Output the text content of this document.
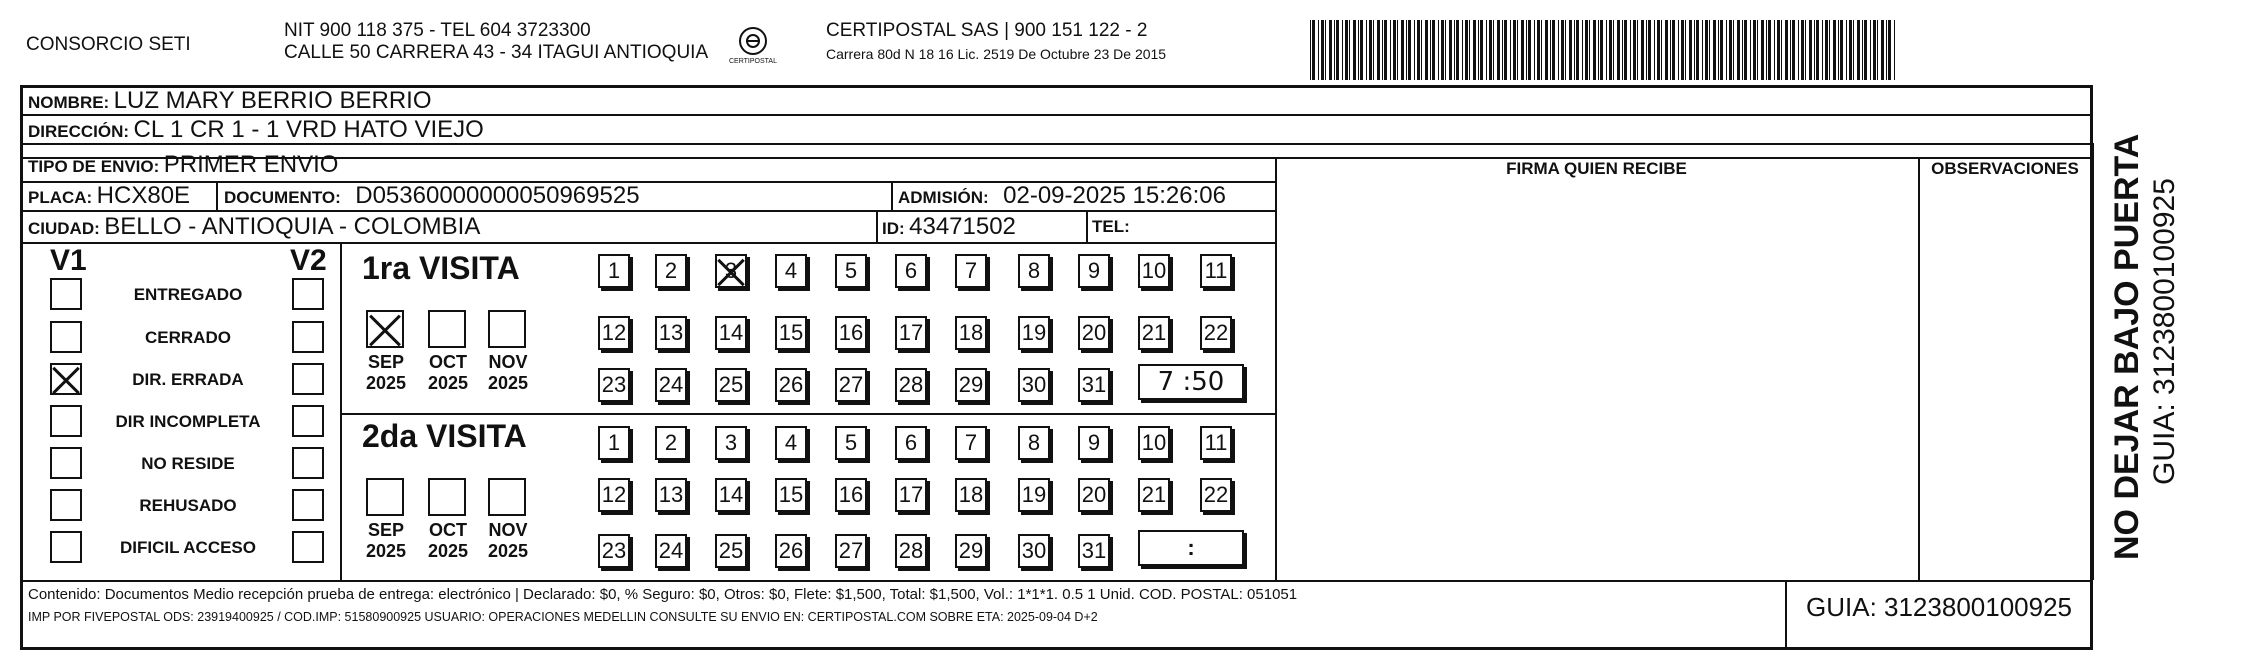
CONSORCIO SETI
NIT 900 118 375 - TEL 604 3723300
CALLE 50 CARRERA 43 - 34 ITAGUI ANTIOQUIA	CERTIPOSTAL
CERTIPOSTAL SAS | 900 151 122 - 2
Carrera 80d N 18 16 Lic. 2519 De Octubre 23 De 2015
NOMBRE: LUZ MARY BERRIO BERRIO
DIRECCIÓN: CL 1 CR 1 - 1 VRD HATO VIEJO
TIPO DE ENVIO: PRIMER ENVIO
PLACA: HCX80E DOCUMENTO: D05360000000050969525	ADMISIÓN: 02-09-2025 15:26:06
CIUDAD: BELLO - ANTIOQUIA - COLOMBIA	ID: 43471502	TEL:
FIRMA QUIEN RECIBE	OBSERVACIONES
V1	V2
ENTREGADO
CERRADO
DIR. ERRADA
DIR INCOMPLETA
NO RESIDE
REHUSADO
DIFICIL ACCESO
1ra VISITA
2da VISITA
SEP
2025
OCT
2025
NOV
2025
SEP
2025
OCT
2025
NOV
2025
1	2	3	4	5	6	7	8	9	10 11
12 13 14 15 16 17 18 19 20 21 22
23 24 25 26 27 28 29 30 31
1	2	3	4	5	6	7	8	9	10 11
12 13 14 15 16 17 18 19 20 21 22
23 24 25 26 27 28 29 30 31
7 :50
:
Contenido: Documentos Medio recepción prueba de entrega: electrónico | Declarado: $0, % Seguro: $0, Otros: $0, Flete: $1,500, Total: $1,500, Vol.: 1*1*1. 0.5 1 Unid. COD. POSTAL: 051051
IMP POR FIVEPOSTAL ODS: 23919400925 / COD.IMP: 51580900925 USUARIO: OPERACIONES MEDELLIN CONSULTE SU ENVIO EN: CERTIPOSTAL.COM SOBRE ETA: 2025-09-04 D+2	GUIA: 3123800100925
NO DEJAR BAJO PUERTA GUIA: 3123800100925
